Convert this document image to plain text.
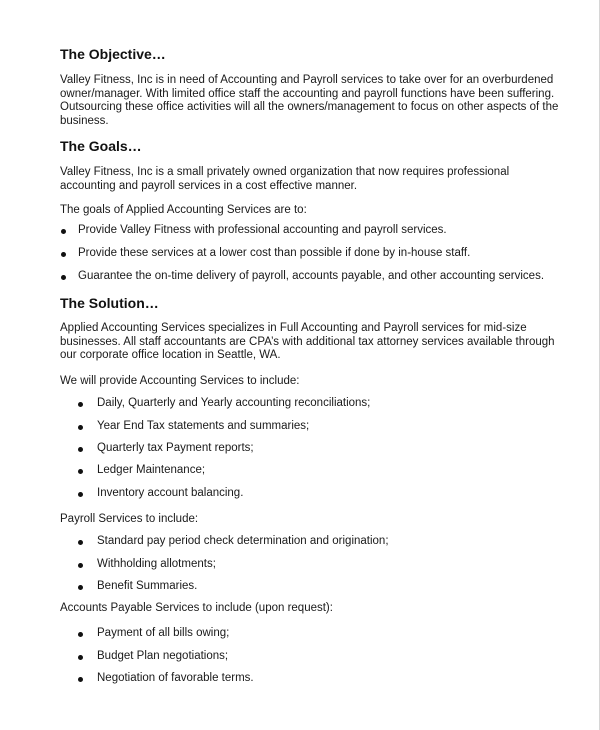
The Objective…
Valley Fitness, Inc is in need of Accounting and Payroll services to take over for an overburdened
owner/manager. With limited office staff the accounting and payroll functions have been suffering.
Outsourcing these office activities will all the owners/management to focus on other aspects of the
business.
The Goals…
Valley Fitness, Inc is a small privately owned organization that now requires professional
accounting and payroll services in a cost effective manner.

The goals of Applied Accounting Services are to:

Provide Valley Fitness with professional accounting and payroll services.
Provide these services at a lower cost than possible if done by in-house staff.
Guarantee the on-time delivery of payroll, accounts payable, and other accounting services.
The Solution…
Applied Accounting Services specializes in Full Accounting and Payroll services for mid-size
businesses. All staff accountants are CPA’s with additional tax attorney services available through
our corporate office location in Seattle, WA.

We will provide Accounting Services to include:

Daily, Quarterly and Yearly accounting reconciliations;
Year End Tax statements and summaries;
Quarterly tax Payment reports;
Ledger Maintenance;
Inventory account balancing.

Payroll Services to include:

Standard pay period check determination and origination;
Withholding allotments;
Benefit Summaries.

Accounts Payable Services to include (upon request):

Payment of all bills owing;
Budget Plan negotiations;
Negotiation of favorable terms.
